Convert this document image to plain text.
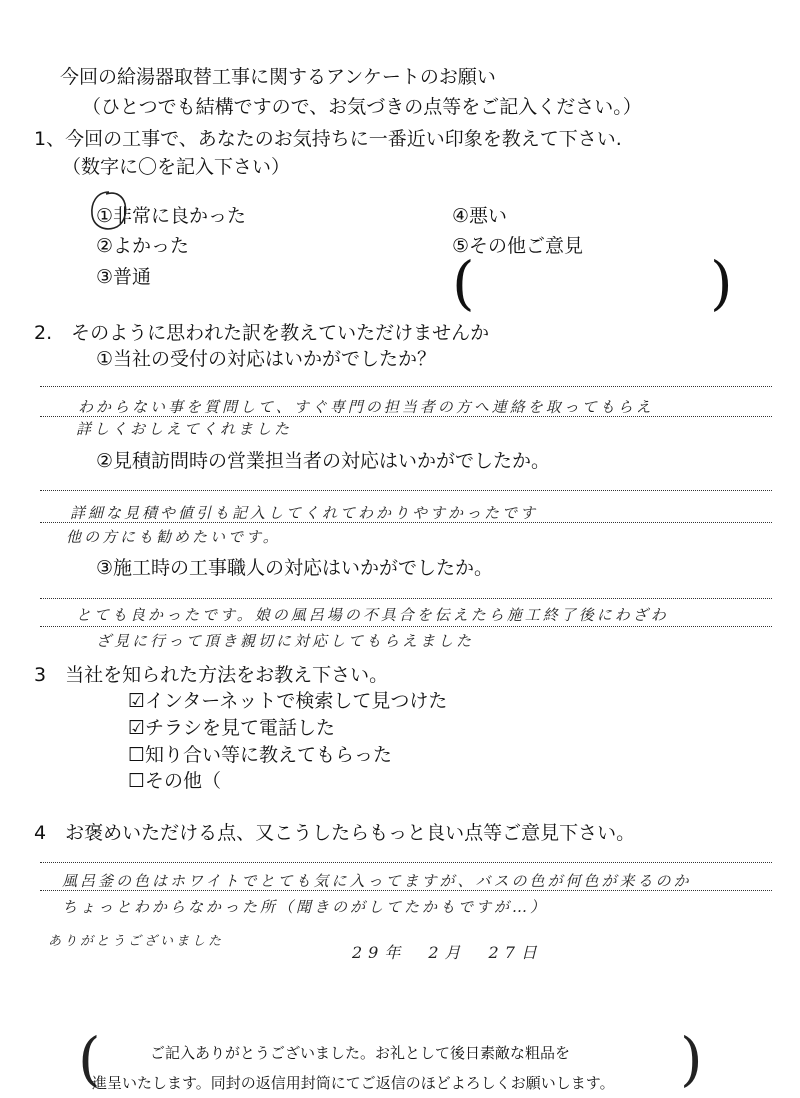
今回の給湯器取替工事に関するアンケートのお願い
（ひとつでも結構ですので、お気づきの点等をご記入ください。）
1、今回の工事で、あなたのお気持ちに一番近い印象を教えて下さい.
（数字に〇を記入下さい）
①非常に良かった
②よかった
③普通
④悪い
⑤その他ご意見
(	)
2.　そのように思われた訳を教えていただけませんか
①当社の受付の対応はいかがでしたか？
わからない事を質問して、すぐ専門の担当者の方へ連絡を取ってもらえ
詳しくおしえてくれました
②見積訪問時の営業担当者の対応はいかがでしたか。
詳細な見積や値引も記入してくれてわかりやすかったです
他の方にも勧めたいです。
③施工時の工事職人の対応はいかがでしたか。
とても良かったです。娘の風呂場の不具合を伝えたら施工終了後にわざわ
ざ見に行って頂き親切に対応してもらえました
3　当社を知られた方法をお教え下さい。
☑インターネットで検索して見つけた
☑チラシを見て電話した
☐知り合い等に教えてもらった
☐その他（
4　お褒めいただける点、又こうしたらもっと良い点等ご意見下さい。
風呂釜の色はホワイトでとても気に入ってますが、バスの色が何色が来るのか
ちょっとわからなかった所（聞きのがしてたかもですが…）
ありがとうございました
29年　2月　27日
(	)
ご記入ありがとうございました。お礼として後日素敵な粗品を
進呈いたします。同封の返信用封筒にてご返信のほどよろしくお願いします。
